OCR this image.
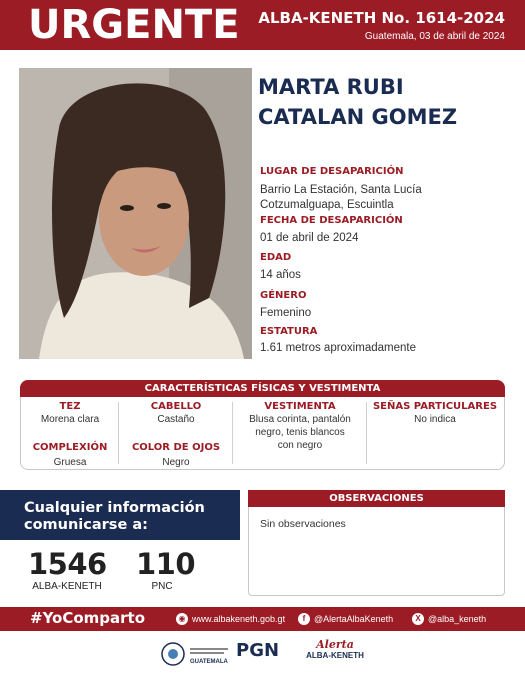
URGENTE ALBA-KENETH No. 1614-2024
Guatemala, 03 de abril de 2024
MARTA RUBI
CATALAN GOMEZ
LUGAR DE DESAPARICIÓN
Barrio La Estación, Santa Lucía
Cotzumalguapa, Escuintla
FECHA DE DESAPARICIÓN
01 de abril de 2024
EDAD
14 años
GÉNERO
Femenino
ESTATURA
1.61 metros aproximadamente
CARACTERÍSTICAS FÍSICAS Y VESTIMENTA
TEZ
Morena clara
CABELLO
Castaño
VESTIMENTA
Blusa corinta, pantalón
negro, tenis blancos
con negro
SEÑAS PARTICULARES
No indica
COMPLEXIÓN
Gruesa
COLOR DE OJOS
Negro
Cualquier información
comunicarse a:
1546
ALBA-KENETH
110
PNC
OBSERVACIONES
Sin observaciones
#YoComparto	◉ www.albakeneth.gob.gt	f @AlertaAlbaKeneth	X @alba_keneth
GUATEMALA
PGN	Alerta
ALBA-KENETH
